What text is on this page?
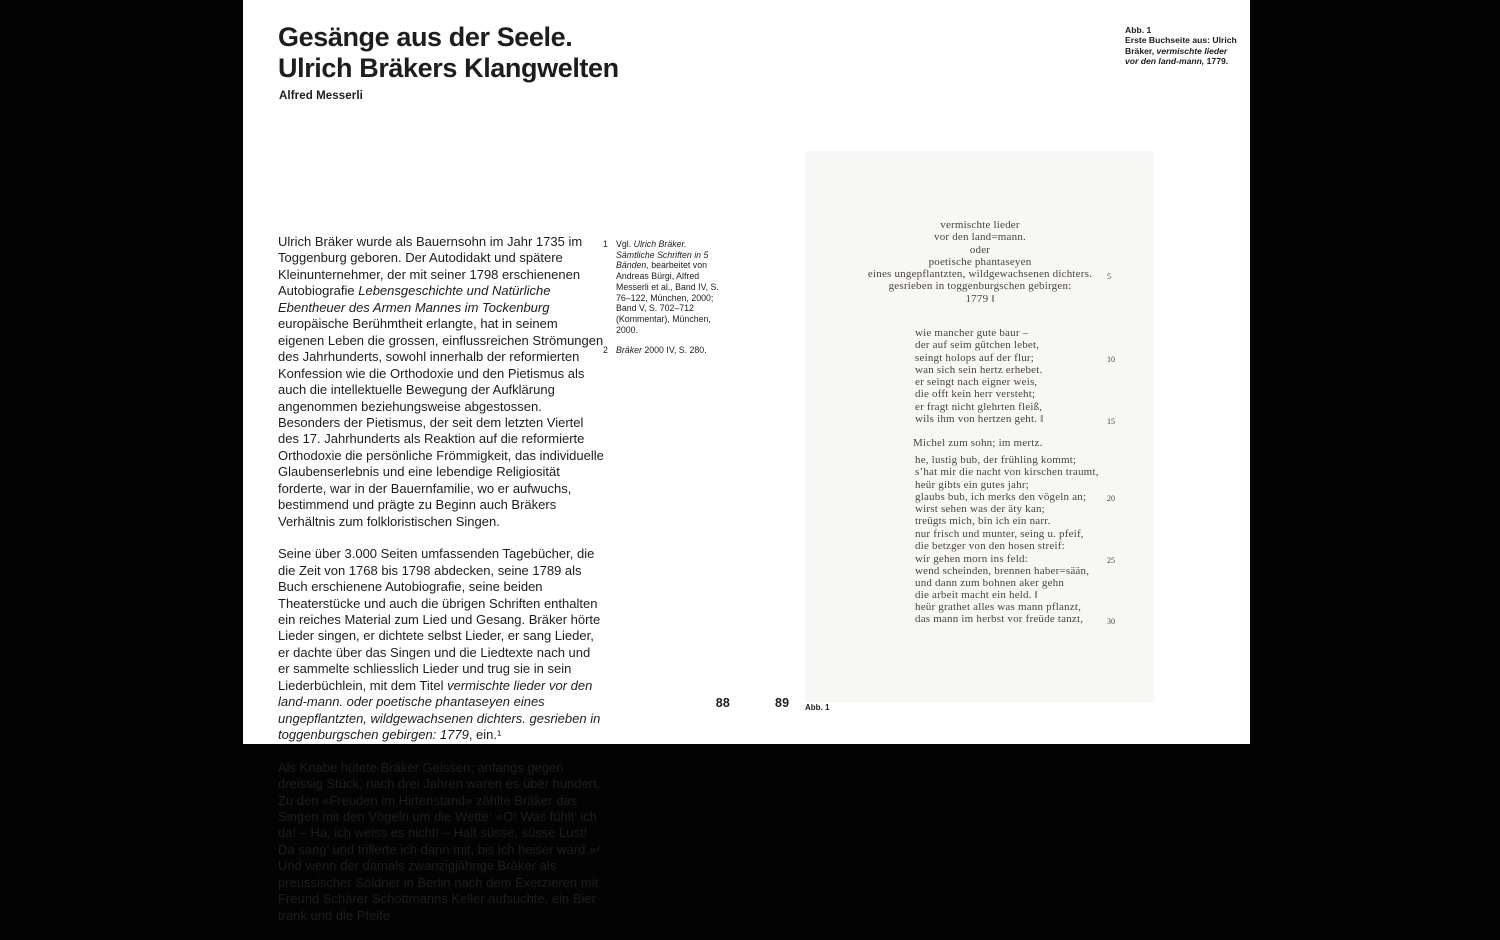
Gesänge aus der Seele.
Ulrich Bräkers Klangwelten
Alfred Messerli

Ulrich Bräker wurde als Bauernsohn im Jahr 1735 im Toggenburg geboren. Der Autodidakt und spätere Kleinunternehmer, der mit seiner 1798 erschienenen Autobiografie Lebensgeschichte und Natürliche Ebentheuer des Armen Mannes im Tockenburg europäische Berühmtheit erlangte, hat in seinem eigenen Leben die grossen, einflussreichen Strömungen des Jahrhunderts, sowohl innerhalb der reformierten Konfession wie die Orthodoxie und den Pietismus als auch die intellektuelle Bewegung der Aufklärung angenommen beziehungsweise abgestossen. Besonders der Pietismus, der seit dem letzten Viertel des 17. Jahrhunderts als Reaktion auf die reformierte Orthodoxie die persönliche Frömmigkeit, das individuelle Glaubenserlebnis und eine lebendige Religiosität forderte, war in der Bauernfamilie, wo er aufwuchs, bestimmend und prägte zu Beginn auch Bräkers Verhältnis zum folkloristischen Singen.

Seine über 3.000 Seiten umfassenden Tagebücher, die die Zeit von 1768 bis 1798 abdecken, seine 1789 als Buch erschienene Autobiografie, seine beiden Theaterstücke und auch die übrigen Schriften enthalten ein reiches Material zum Lied und Gesang. Bräker hörte Lieder singen, er dichtete selbst Lieder, er sang Lieder, er dachte über das Singen und die Liedtexte nach und er sammelte schliesslich Lieder und trug sie in sein Liederbüchlein, mit dem Titel vermischte lieder vor den land-mann. oder poetische phantaseyen eines ungepflantzten, wildgewachsenen dichters. gesrieben in toggenburgschen gebirgen: 1779, ein.¹

Als Knabe hütete Bräker Geissen; anfangs gegen dreissig Stück, nach drei Jahren waren es über hundert. Zu den «Freuden im Hirtenstand» zählte Bräker das Singen mit den Vögeln um die Wette: «O! Was fühlt’ ich da! – Ha, ich weiss es nicht! – Halt süsse, süsse Lust! Da sang’ und trillerte ich dann mit, bis ich heiser ward.»² Und wenn der damals zwanzigjährige Bräker als preussischer Söldner in Berlin nach dem Exerzieren mit Freund Schärer Schottmanns Keller aufsuchte, ein Bier trank und die Pfeife

1 Vgl. Ulrich Bräker. Sämtliche Schriften in 5 Bänden, bearbeitet von Andreas Bürgi, Alfred Messerli et al., Band IV, S. 76–122, München, 2000; Band V, S. 702–712 (Kommentar), München, 2000.
2 Bräker 2000 IV, S. 280.
Abb. 1
Erste Buchseite aus: Ulrich
Bräker, vermischte lieder
vor den land-mann, 1779.
vermischte lieder
vor den land=mann.
oder
poetische phantaseyen
eines ungepflantzten, wildgewachsenen dichters. 5
gesrieben in toggenburgschen gebirgen:
1779 ‖
wie mancher gute baur –
der auf seim gütchen lebet,
seingt holops auf der flur;	10
wan sich sein hertz erhebet.
er seingt nach eigner weis,
die offt kein herr versteht;
er fragt nicht glehrten fleiß,
wils ihm von hertzen geht. ‖	15
Michel zum sohn; im mertz.
he, lustig bub, der frühling kommt;
s’hat mir die nacht von kirschen traumt,
heür gibts ein gutes jahr;
glaubs bub, ich merks den vögeln an;	20
wirst sehen was der äty kan;
treügts mich, bin ich ein narr.
nur frisch und munter, seing u. pfeif,
die betzger von den hosen streif:
wir gehen morn ins feld:	25
wend scheinden, brennen haber=sään,
und dann zum bohnen aker gehn
die arbeit macht ein held. ‖
heür grathet alles was mann pflanzt,
das mann im herbst vor freüde tanzt,	30
88	89 Abb. 1
